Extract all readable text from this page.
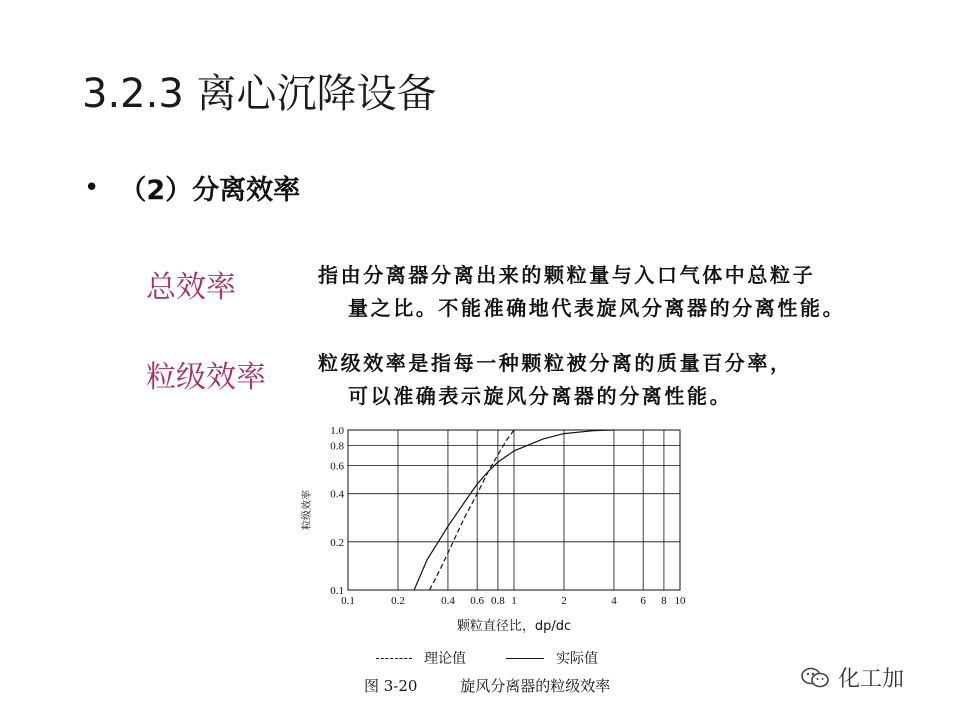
3.2.3 离心沉降设备
• （2）分离效率
总效率	指由分离器分离出来的颗粒量与入口气体中总粒子
量之比。不能准确地代表旋风分离器的分离性能。
粒级效率	粒级效率是指每一种颗粒被分离的质量百分率，
可以准确表示旋风分离器的分离性能。
0.1	0.2	0.4 0.6 0.8 1	2	4 6 8 10
0.1
0.2
0.4
0.6
0.8
1.0
粒级效率
颗粒直径比，dp/dc
理论值	实际值
图 3-20	旋风分离器的粒级效率	化工加
